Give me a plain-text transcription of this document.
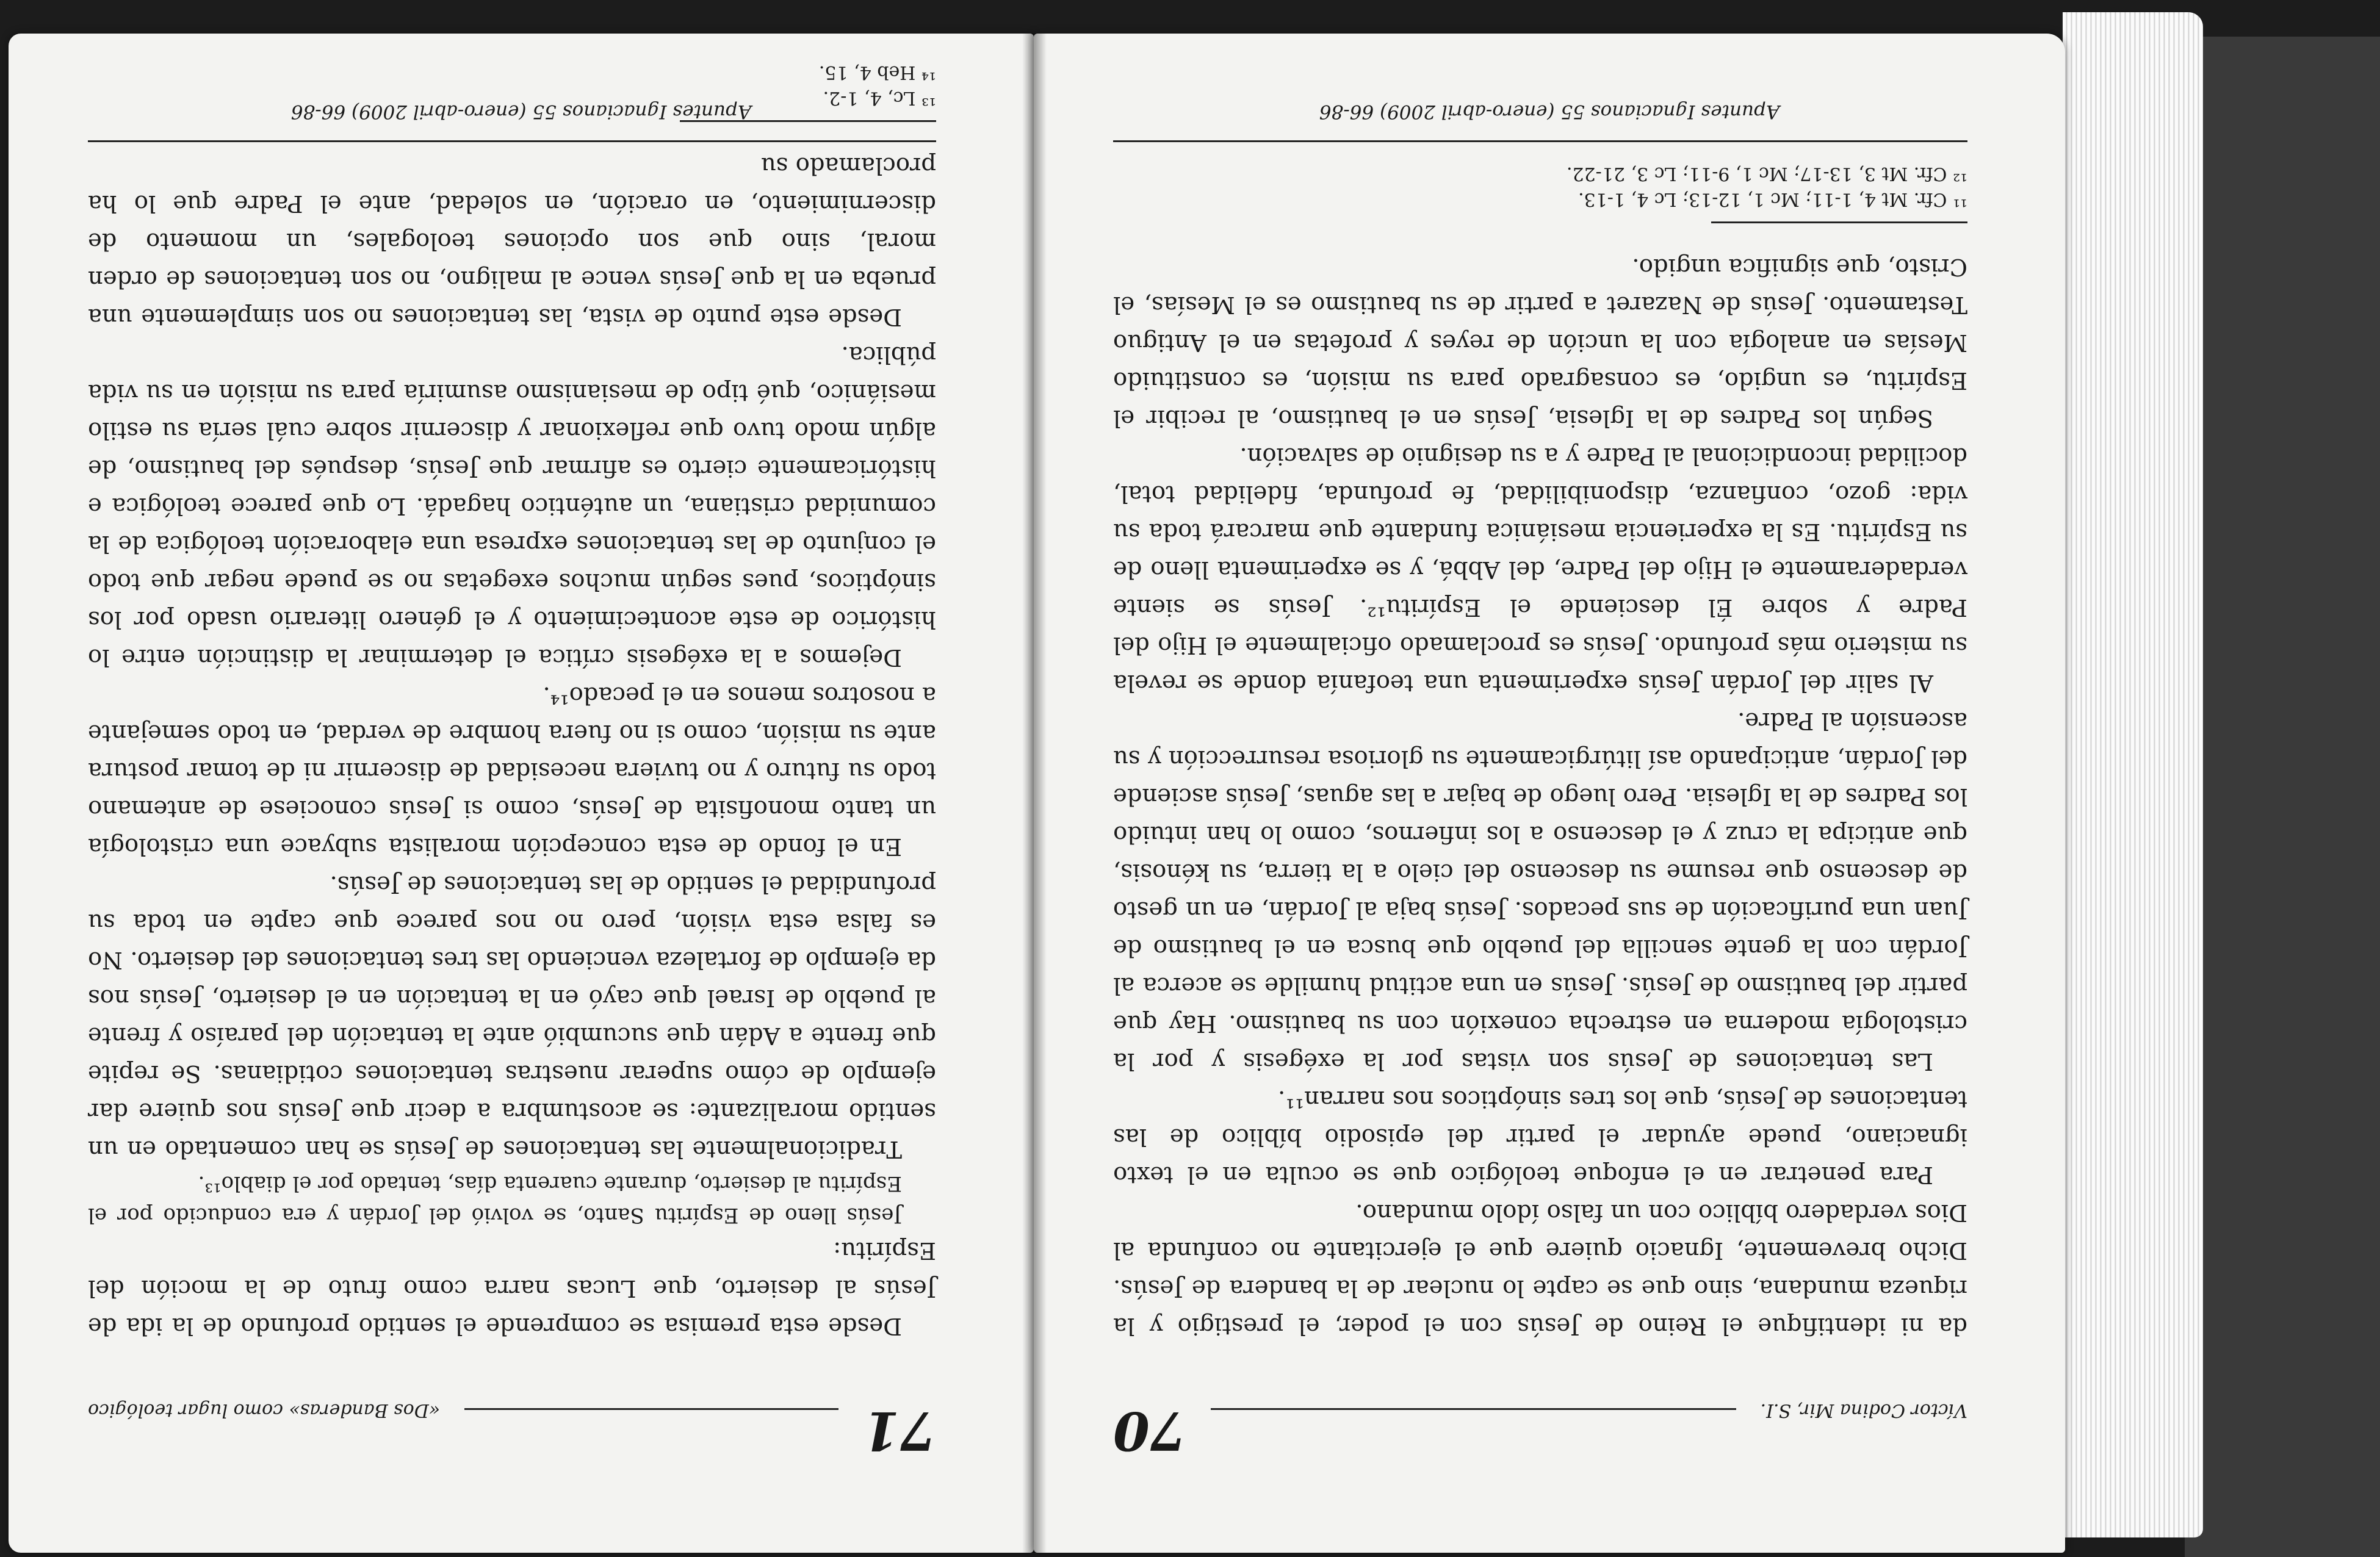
71
«Dos Banderas» como lugar teológico

Desde esta premisa se comprende el sentido profundo de la ida de Jesús al desierto, que Lucas narra como fruto de la moción del Espíritu:

Jesús lleno de Espíritu Santo, se volvió del Jordán y era conducido por el Espíritu al desierto, durante cuarenta días, tentado por el diablo¹³.

Tradicionalmente las tentaciones de Jesús se han comentado en un sentido moralizante: se acostumbra a decir que Jesús nos quiere dar ejemplo de cómo superar nuestras tentaciones cotidianas. Se repite que frente a Adán que sucumbió ante la tentación del paraíso y frente al pueblo de Israel que cayó en la tentación en el desierto, Jesús nos da ejemplo de fortaleza venciendo las tres tentaciones del desierto. No es falsa esta visión, pero no nos parece que capte en toda su profundidad el sentido de las tentaciones de Jesús.

En el fondo de esta concepción moralista subyace una cristología un tanto monofisita de Jesús, como si Jesús conociese de antemano todo su futuro y no tuviera necesidad de discernir ni de tomar postura ante su misión, como si no fuera hombre de verdad, en todo semejante a nosotros menos en el pecado¹⁴.

Dejemos a la exégesis crítica el determinar la distinción entre lo histórico de este acontecimiento y el género literario usado por los sinópticos, pues según muchos exegetas no se puede negar que todo el conjunto de las tentaciones expresa una elaboración teológica de la comunidad cristiana, un auténtico hagadá. Lo que parece teológica e históricamente cierto es afirmar que Jesús, después del bautismo, de algún modo tuvo que reflexionar y discernir sobre cuál sería su estilo mesiánico, qué tipo de mesianismo asumiría para su misión en su vida pública.

Desde este punto de vista, las tentaciones no son simplemente una prueba en la que Jesús vence al maligno, no son tentaciones de orden moral, sino que son opciones teologales, un momento de discernimiento, en oración, en soledad, ante el Padre que lo ha proclamado su

¹³ Lc, 4, 1-2.

¹⁴ Heb 4, 15.

Apuntes Ignacianos 55 (enero-abril 2009) 66-86
Víctor Codina Mir, S.I.
70

da ni identifique el Reino de Jesús con el poder, el prestigio y la riqueza mundana, sino que se capte lo nuclear de la bandera de Jesús. Dicho brevemente, Ignacio quiere que el ejercitante no confunda al Dios verdadero bíblico con un falso ídolo mundano.

Para penetrar en el enfoque teológico que se oculta en el texto ignaciano, puede ayudar el partir del episodio bíblico de las tentaciones de Jesús, que los tres sinópticos nos narran¹¹.

Las tentaciones de Jesús son vistas por la exégesis y por la cristología moderna en estrecha conexión con su bautismo. Hay que partir del bautismo de Jesús. Jesús en una actitud humilde se acerca al Jordán con la gente sencilla del pueblo que busca en el bautismo de Juan una purificación de sus pecados. Jesús baja al Jordán, en un gesto de descenso que resume su descenso del cielo a la tierra, su kénosis, que anticipa la cruz y el descenso a los infiernos, como lo han intuido los Padres de la Iglesia. Pero luego de bajar a las aguas, Jesús asciende del Jordán, anticipando así litúrgicamente su gloriosa resurrección y su ascensión al Padre.

Al salir del Jordán Jesús experimenta una teofanía donde se revela su misterio más profundo. Jesús es proclamado oficialmente el Hijo del Padre y sobre Él desciende el Espíritu¹². Jesús se siente verdaderamente el Hijo del Padre, del Abbá, y se experimenta lleno de su Espíritu. Es la experiencia mesiánica fundante que marcará toda su vida: gozo, confianza, disponibilidad, fe profunda, fidelidad total, docilidad incondicional al Padre y a su designio de salvación.

Según los Padres de la Iglesia, Jesús en el bautismo, al recibir el Espíritu, es ungido, es consagrado para su misión, es constituido Mesías en analogía con la unción de reyes y profetas en el Antiguo Testamento. Jesús de Nazaret a partir de su bautismo es el Mesías, el Cristo, que significa ungido.

¹¹ Cfr. Mt 4, 1-11; Mc 1, 12-13; Lc 4, 1-13.

¹² Cfr. Mt 3, 13-17; Mc 1, 9-11; Lc 3, 21-22.

Apuntes Ignacianos 55 (enero-abril 2009) 66-86
